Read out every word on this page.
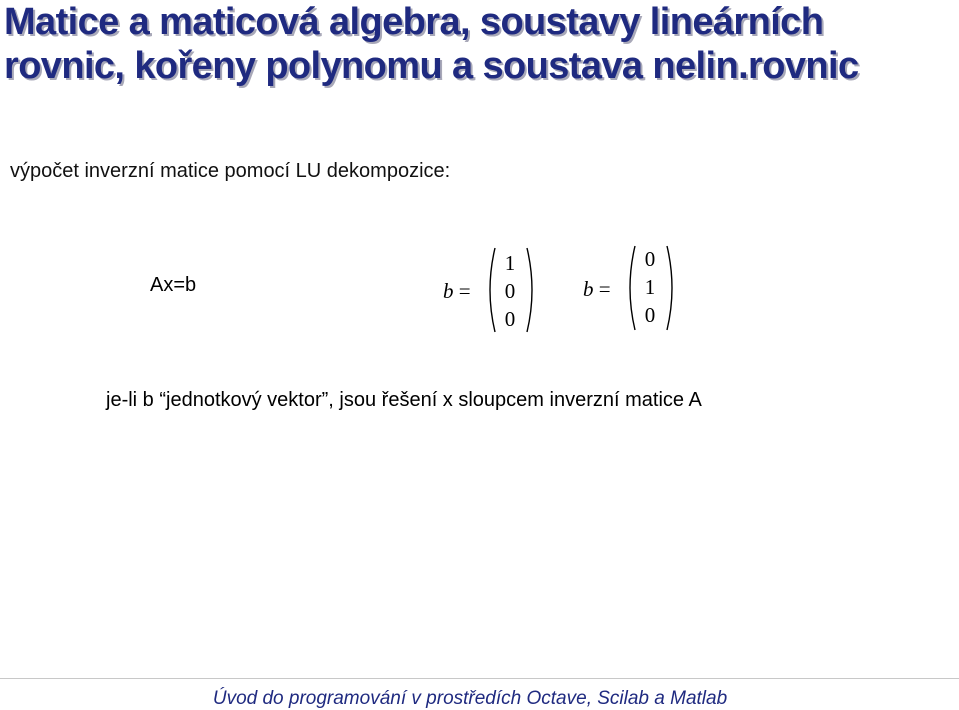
Matice a maticová algebra, soustavy lineárních
rovnic, kořeny polynomu a soustava nelin.rovnic
výpočet inverzní matice pomocí LU dekompozice:
Ax=b	b =
1
0
0
b =
0
1
0
je-li b “jednotkový vektor”, jsou řešení x sloupcem inverzní matice A
Úvod do programování v prostředích Octave, Scilab a Matlab
